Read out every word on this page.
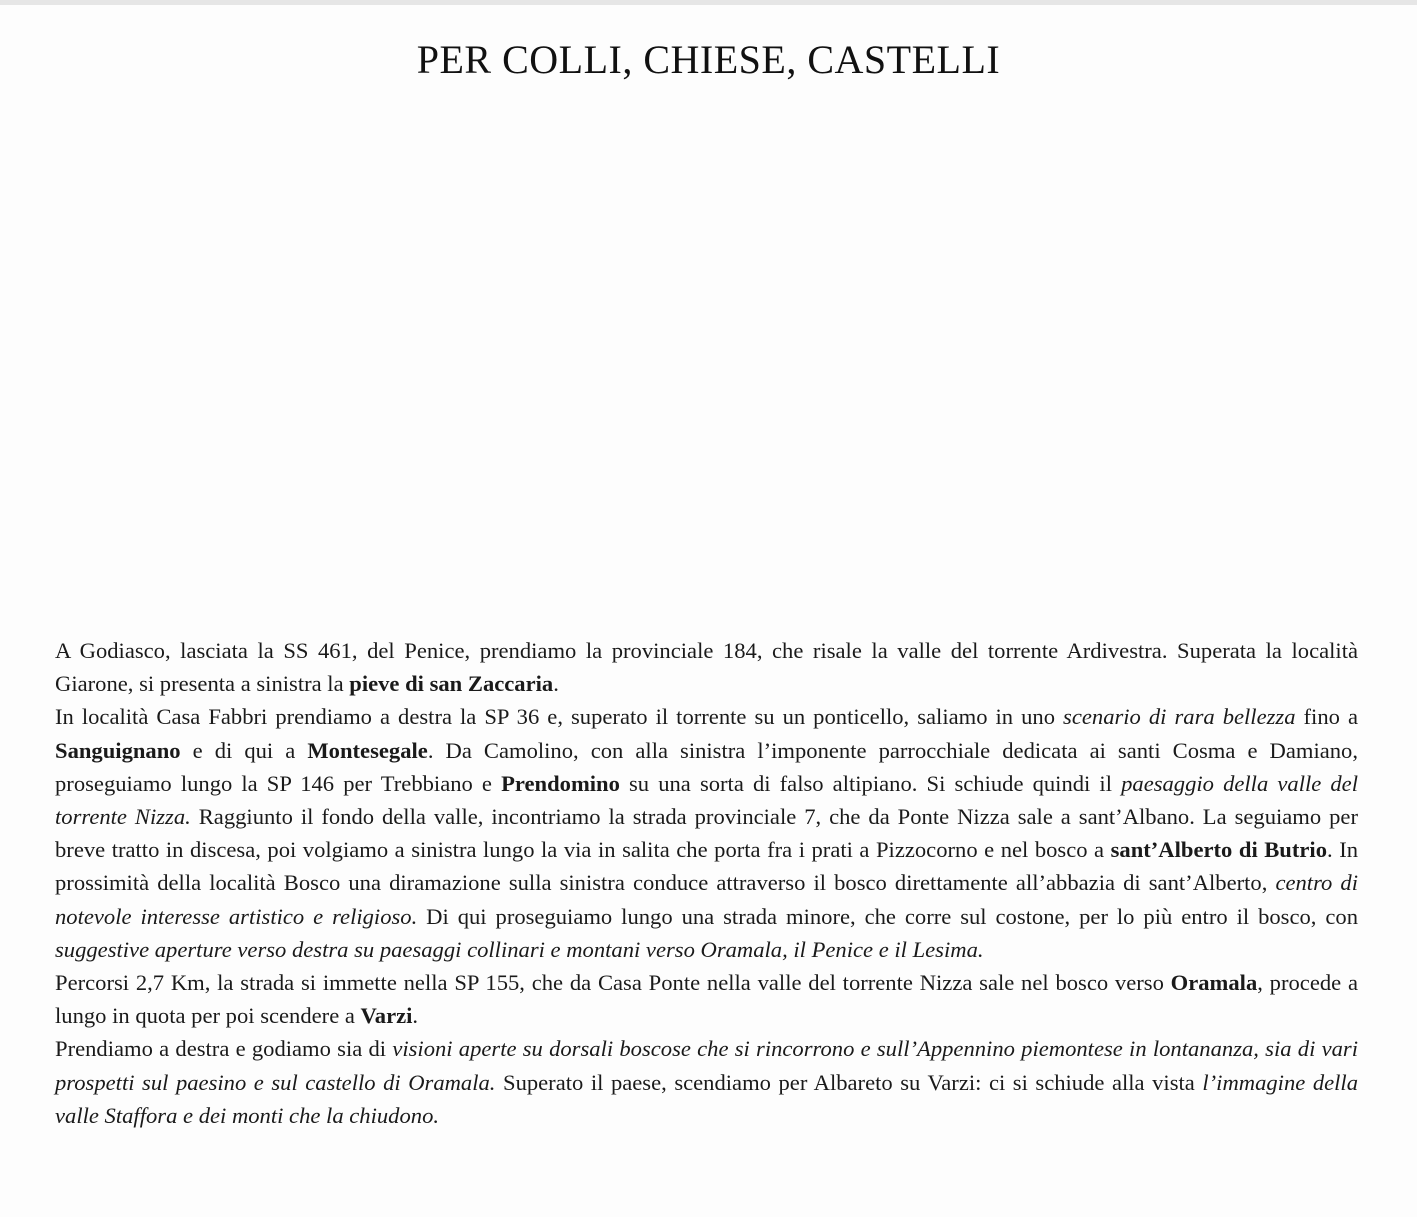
PER COLLI, CHIESE, CASTELLI

A Godiasco, lasciata la SS 461, del Penice, prendiamo la provinciale 184, che risale la valle del torrente Ardivestra. Superata la località Giarone, si presenta a sinistra la pieve di san Zaccaria.

In località Casa Fabbri prendiamo a destra la SP 36 e, superato il torrente su un ponticello, saliamo in uno scenario di rara bellezza fino a Sanguignano e di qui a Montesegale. Da Camolino, con alla sinistra l’imponente parrocchiale dedicata ai santi Cosma e Damiano, proseguiamo lungo la SP 146 per Trebbiano e Prendomino su una sorta di falso altipiano. Si schiude quindi il paesaggio della valle del torrente Nizza. Raggiunto il fondo della valle, incontriamo la strada provinciale 7, che da Ponte Nizza sale a sant’Albano. La seguiamo per breve tratto in discesa, poi volgiamo a sinistra lungo la via in salita che porta fra i prati a Pizzocorno e nel bosco a sant’Alberto di Butrio. In prossimità della località Bosco una diramazione sulla sinistra conduce attraverso il bosco direttamente all’abbazia di sant’Alberto, centro di notevole interesse artistico e religioso. Di qui proseguiamo lungo una strada minore, che corre sul costone, per lo più entro il bosco, con suggestive aperture verso destra su paesaggi collinari e montani verso Oramala, il Penice e il Lesima.

Percorsi 2,7 Km, la strada si immette nella SP 155, che da Casa Ponte nella valle del torrente Nizza sale nel bosco verso Oramala, procede a lungo in quota per poi scendere a Varzi.

Prendiamo a destra e godiamo sia di visioni aperte su dorsali boscose che si rincorrono e sull’Appennino piemontese in lontananza, sia di vari prospetti sul paesino e sul castello di Oramala. Superato il paese, scendiamo per Albareto su Varzi: ci si schiude alla vista l’immagine della valle Staffora e dei monti che la chiudono.
